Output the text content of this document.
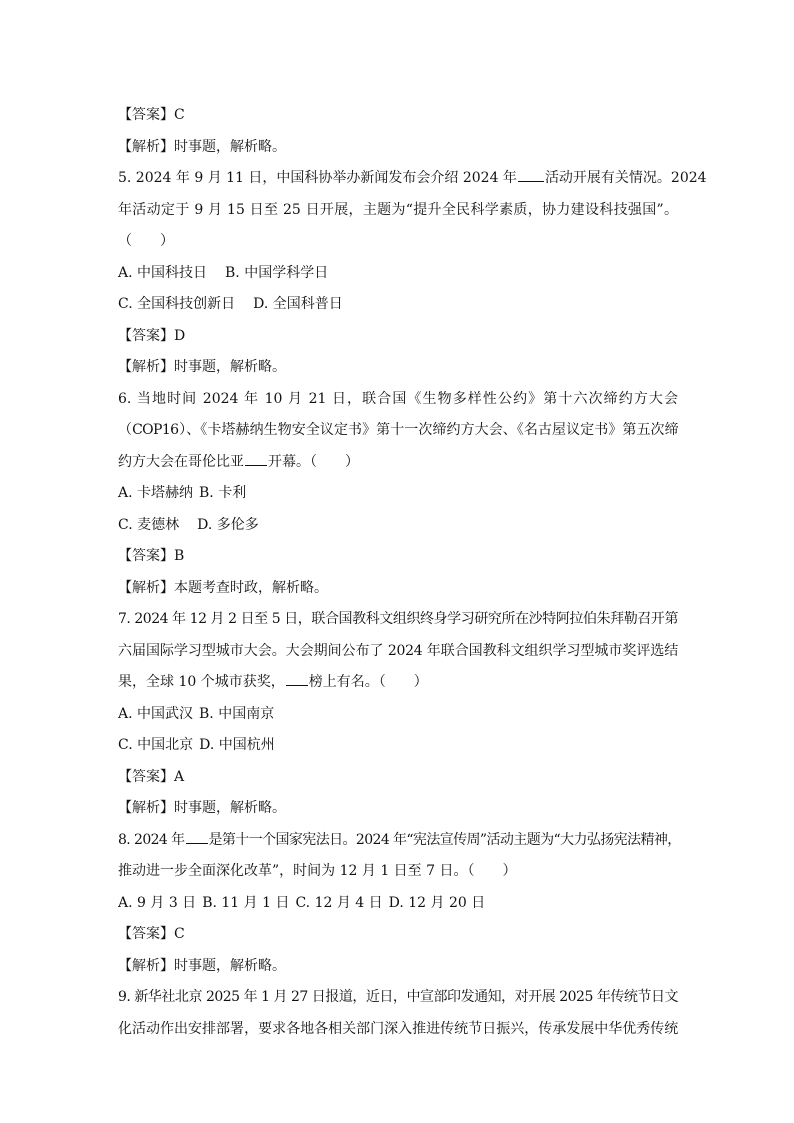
【答案】C
【解析】时事题，解析略。
5. 2024 年 9 月 11 日，中国科协举办新闻发布会介绍 2024 年 活动开展有关情况。2024
年活动定于 9 月 15 日至 25 日开展，主题为“提升全民科学素质，协力建设科技强国”。
（　　）
A. 中国科技日 B. 中国学科学日
C. 全国科技创新日 D. 全国科普日
【答案】D
【解析】时事题，解析略。
6. 当地时间 2024 年 10 月 21 日，联合国《生物多样性公约》第十六次缔约方大会
（COP16）、《卡塔赫纳生物安全议定书》第十一次缔约方大会、《名古屋议定书》第五次缔
约方大会在哥伦比亚 开幕。（　　）
A. 卡塔赫纳 B. 卡利
C. 麦德林 D. 多伦多
【答案】B
【解析】本题考查时政，解析略。
7. 2024 年 12 月 2 日至 5 日，联合国教科文组织终身学习研究所在沙特阿拉伯朱拜勒召开第
六届国际学习型城市大会。大会期间公布了 2024 年联合国教科文组织学习型城市奖评选结
果，全球 10 个城市获奖， 榜上有名。（　　）
A. 中国武汉 B. 中国南京
C. 中国北京 D. 中国杭州
【答案】A
【解析】时事题，解析略。
8. 2024 年 是第十一个国家宪法日。2024 年“宪法宣传周”活动主题为“大力弘扬宪法精神，
推动进一步全面深化改革”，时间为 12 月 1 日至 7 日。（　　）
A. 9 月 3 日 B. 11 月 1 日 C. 12 月 4 日 D. 12 月 20 日
【答案】C
【解析】时事题，解析略。
9. 新华社北京 2025 年 1 月 27 日报道，近日，中宣部印发通知，对开展 2025 年传统节日文
化活动作出安排部署，要求各地各相关部门深入推进传统节日振兴，传承发展中华优秀传统
